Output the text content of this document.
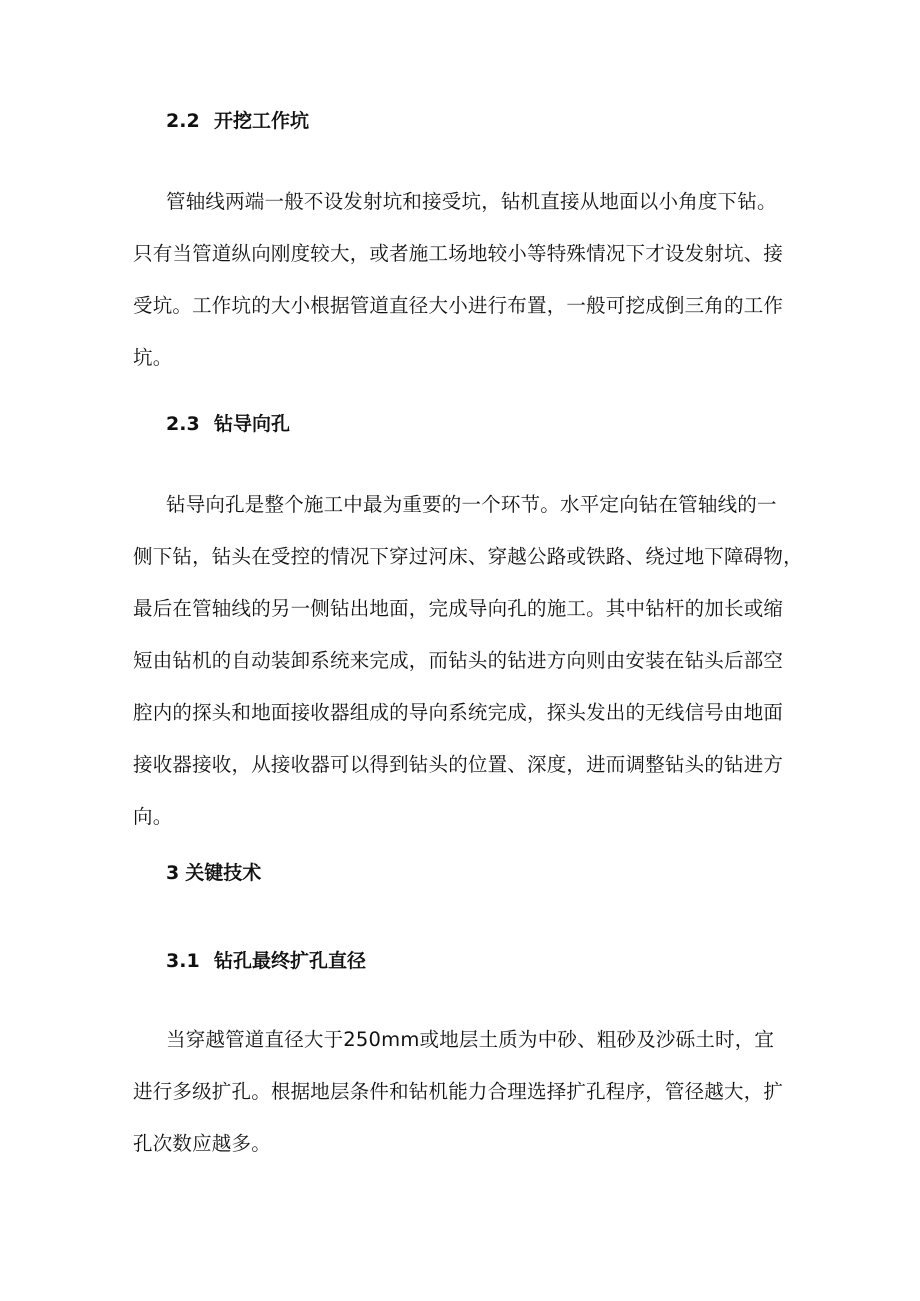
2.2 开挖工作坑
管轴线两端一般不设发射坑和接受坑，钻机直接从地面以小角度下钻。
只有当管道纵向刚度较大，或者施工场地较小等特殊情况下才设发射坑、接
受坑。工作坑的大小根据管道直径大小进行布置，一般可挖成倒三角的工作
坑。
2.3 钻导向孔
钻导向孔是整个施工中最为重要的一个环节。水平定向钻在管轴线的一
侧下钻，钻头在受控的情况下穿过河床、穿越公路或铁路、绕过地下障碍物，
最后在管轴线的另一侧钻出地面，完成导向孔的施工。其中钻杆的加长或缩
短由钻机的自动装卸系统来完成，而钻头的钻进方向则由安装在钻头后部空
腔内的探头和地面接收器组成的导向系统完成，探头发出的无线信号由地面
接收器接收，从接收器可以得到钻头的位置、深度，进而调整钻头的钻进方
向。
3 关键技术
3.1 钻孔最终扩孔直径
当穿越管道直径大于250mm或地层土质为中砂、粗砂及沙砾土时，宜
进行多级扩孔。根据地层条件和钻机能力合理选择扩孔程序，管径越大，扩
孔次数应越多。
